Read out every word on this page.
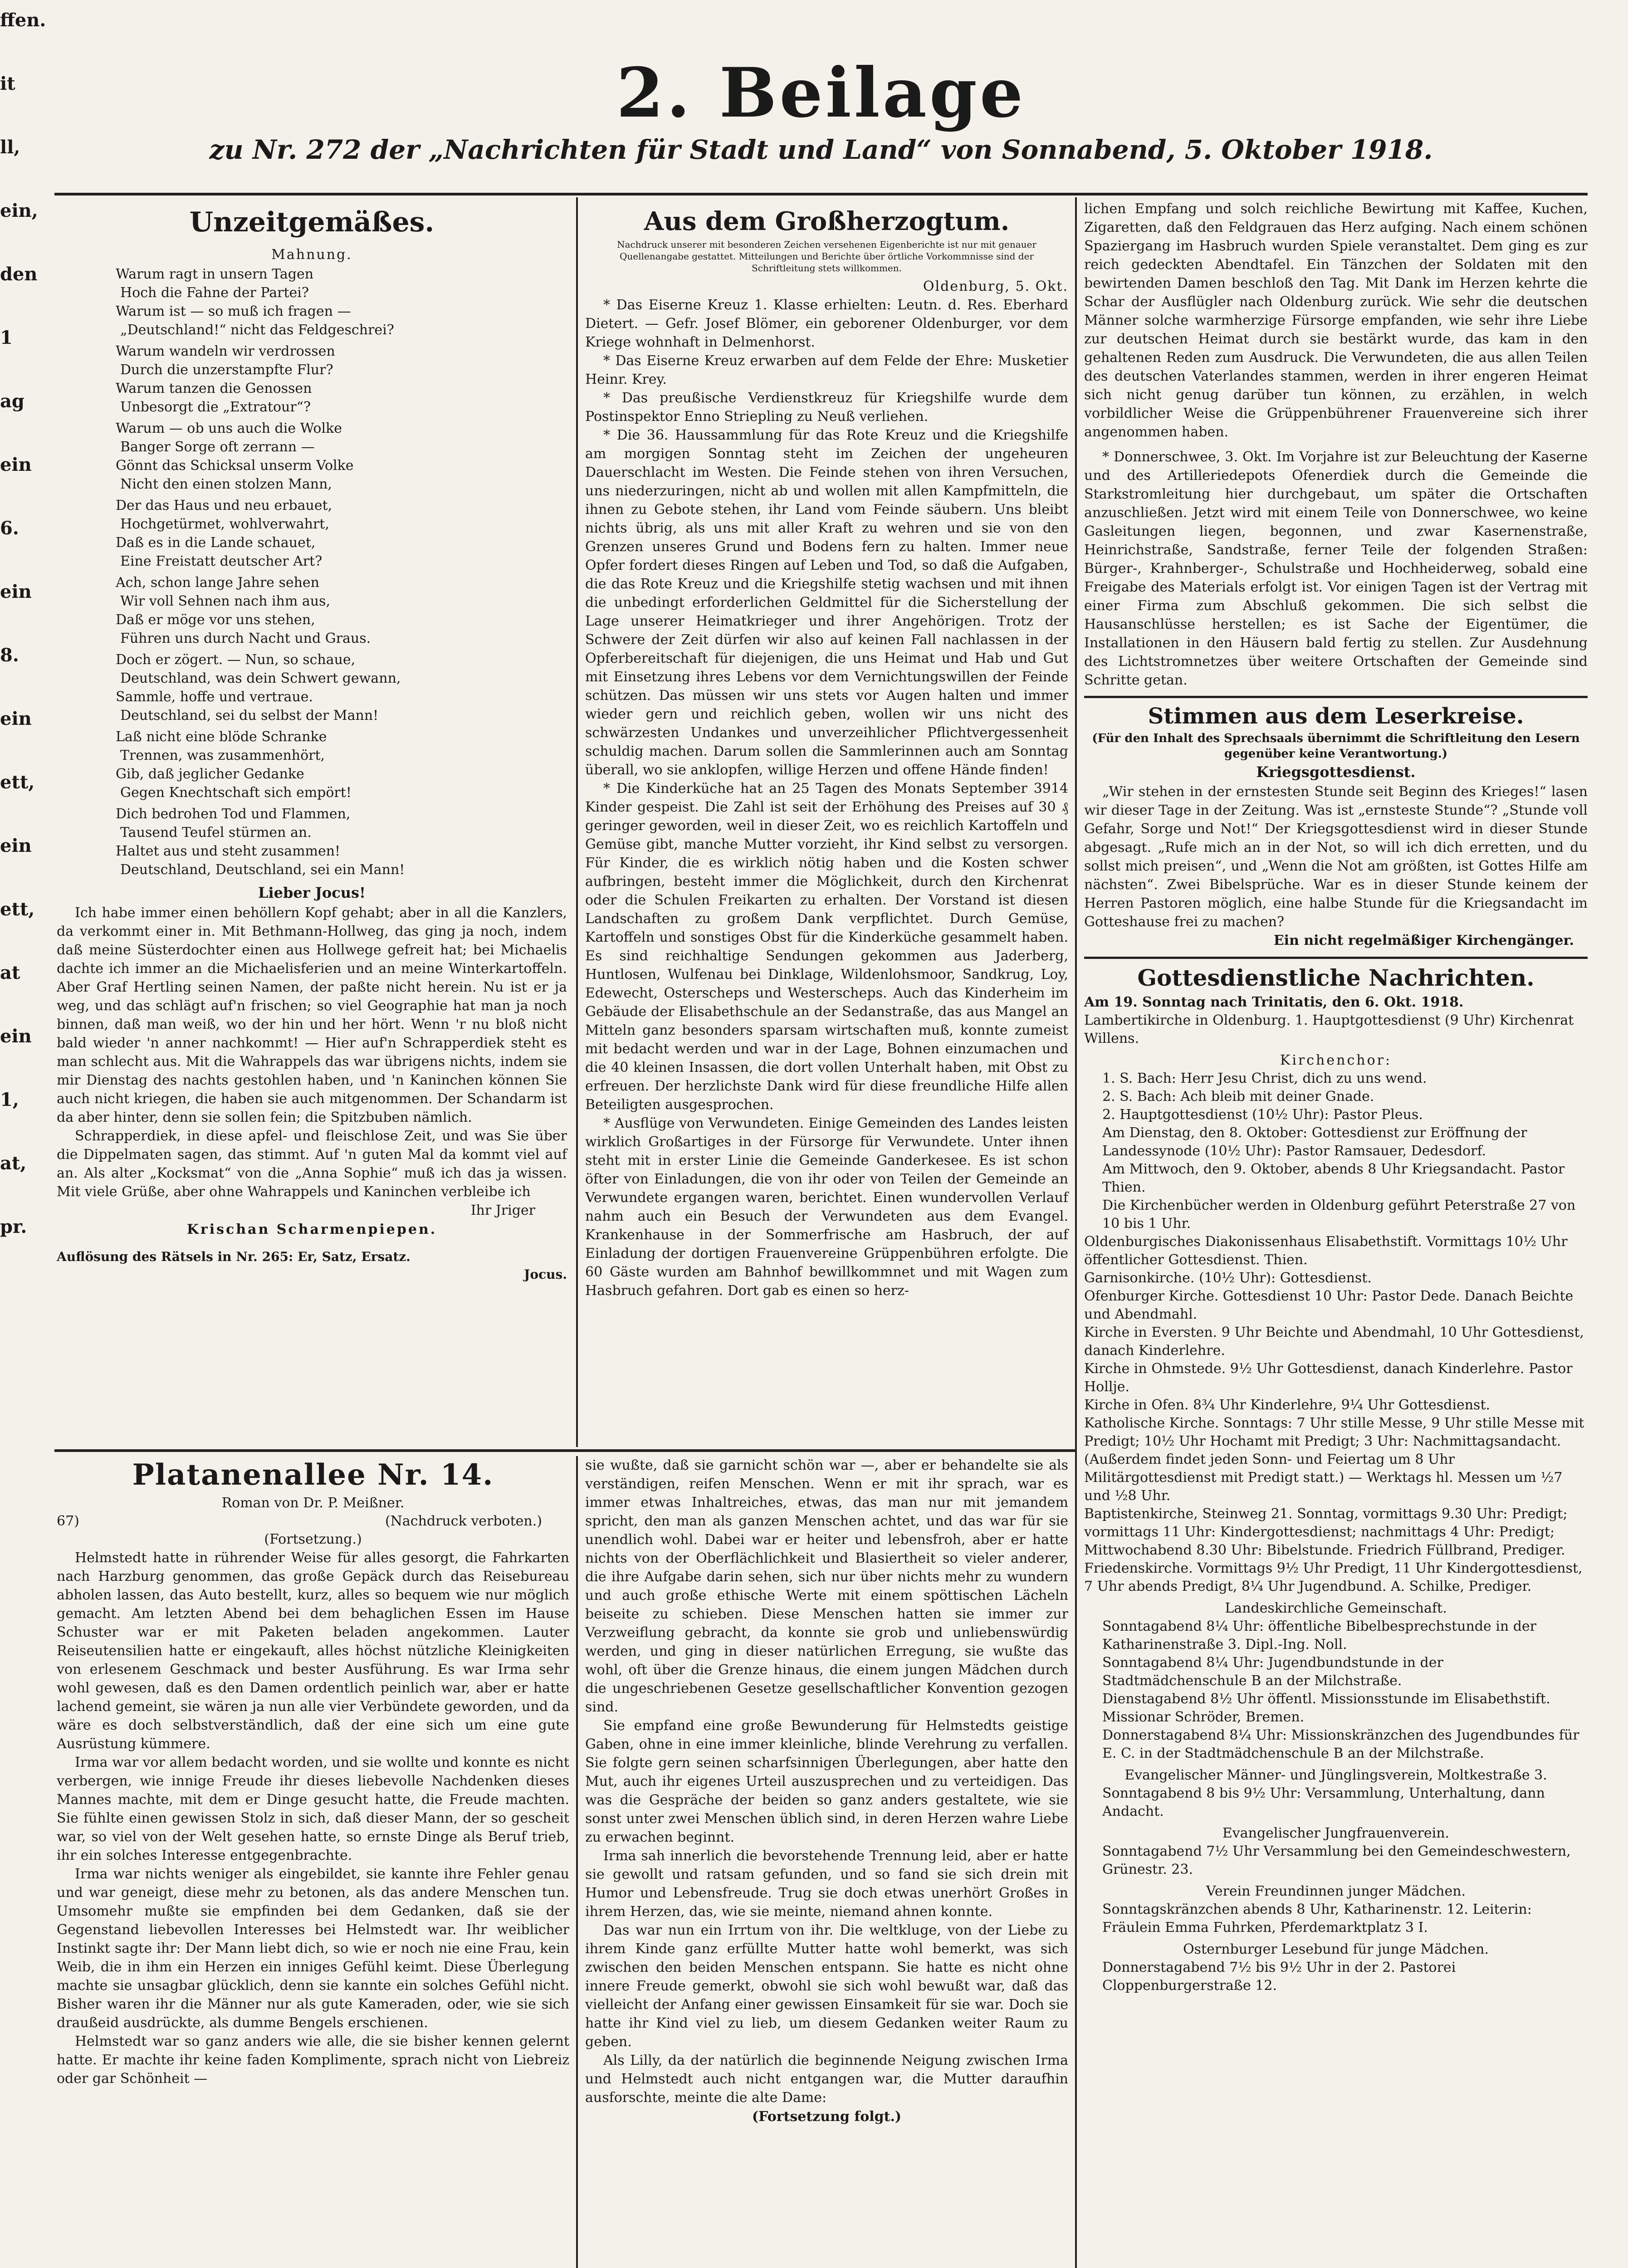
ffen.
it
ll,
ein,
den
1
ag
ein
6.
ein
8.
ein
ett,
ein
ett,
at
ein
1,
at,
pr.
2. Beilage
zu Nr. 272 der „Nachrichten für Stadt und Land“ von Sonnabend, 5. Oktober 1918.
Unzeitgemäßes.
Mahnung.
Warum ragt in unsern Tagen
Hoch die Fahne der Partei?
Warum ist — so muß ich fragen —
„Deutschland!“ nicht das Feldgeschrei?
Warum wandeln wir verdrossen
Durch die unzerstampfte Flur?
Warum tanzen die Genossen
Unbesorgt die „Extratour“?
Warum — ob uns auch die Wolke
Banger Sorge oft zerrann —
Gönnt das Schicksal unserm Volke
Nicht den einen stolzen Mann,
Der das Haus und neu erbauet,
Hochgetürmet, wohlverwahrt,
Daß es in die Lande schauet,
Eine Freistatt deutscher Art?
Ach, schon lange Jahre sehen
Wir voll Sehnen nach ihm aus,
Daß er möge vor uns stehen,
Führen uns durch Nacht und Graus.
Doch er zögert. — Nun, so schaue,
Deutschland, was dein Schwert gewann,
Sammle, hoffe und vertraue.
Deutschland, sei du selbst der Mann!
Laß nicht eine blöde Schranke
Trennen, was zusammenhört,
Gib, daß jeglicher Gedanke
Gegen Knechtschaft sich empört!
Dich bedrohen Tod und Flammen,
Tausend Teufel stürmen an.
Haltet aus und steht zusammen!
Deutschland, Deutschland, sei ein Mann!
Lieber Jocus!

Ich habe immer einen behöllern Kopf gehabt; aber in all die Kanzlers, da verkommt einer in. Mit Bethmann-Hollweg, das ging ja noch, indem daß meine Süsterdochter einen aus Hollwege gefreit hat; bei Michaelis dachte ich immer an die Michaelisferien und an meine Winterkartoffeln. Aber Graf Hertling seinen Namen, der paßte nicht herein. Nu ist er ja weg, und das schlägt auf'n frischen; so viel Geographie hat man ja noch binnen, daß man weiß, wo der hin und her hört. Wenn 'r nu bloß nicht bald wieder 'n anner nachkommt! — Hier auf'n Schrapperdiek steht es man schlecht aus. Mit die Wahrappels das war übrigens nichts, indem sie mir Dienstag des nachts gestohlen haben, und 'n Kaninchen können Sie auch nicht kriegen, die haben sie auch mitgenommen. Der Schandarm ist da aber hinter, denn sie sollen fein; die Spitzbuben nämlich.

Schrapperdiek, in diese apfel- und fleischlose Zeit, und was Sie über die Dippelmaten sagen, das stimmt. Auf 'n guten Mal da kommt viel auf an. Als alter „Kocksmat“ von die „Anna Sophie“ muß ich das ja wissen. Mit viele Grüße, aber ohne Wahrappels und Kaninchen verbleibe ich

Ihr Jriger
Krischan Scharmenpiepen.
Auflösung des Rätsels in Nr. 265: Er, Satz, Ersatz.
Jocus.
Aus dem Großherzogtum.
Nachdruck unserer mit besonderen Zeichen versehenen Eigenberichte ist nur mit genauer Quellenangabe gestattet. Mitteilungen und Berichte über örtliche Vorkommnisse sind der Schriftleitung stets willkommen.
Oldenburg, 5. Okt.

* Das Eiserne Kreuz 1. Klasse erhielten: Leutn. d. Res. Eberhard Dietert. — Gefr. Josef Blömer, ein geborener Oldenburger, vor dem Kriege wohnhaft in Delmenhorst.

* Das Eiserne Kreuz erwarben auf dem Felde der Ehre: Musketier Heinr. Krey.

* Das preußische Verdienstkreuz für Kriegshilfe wurde dem Postinspektor Enno Striepling zu Neuß verliehen.

* Die 36. Haussammlung für das Rote Kreuz und die Kriegshilfe am morgigen Sonntag steht im Zeichen der ungeheuren Dauerschlacht im Westen. Die Feinde stehen von ihren Versuchen, uns niederzuringen, nicht ab und wollen mit allen Kampfmitteln, die ihnen zu Gebote stehen, ihr Land vom Feinde säubern. Uns bleibt nichts übrig, als uns mit aller Kraft zu wehren und sie von den Grenzen unseres Grund und Bodens fern zu halten. Immer neue Opfer fordert dieses Ringen auf Leben und Tod, so daß die Aufgaben, die das Rote Kreuz und die Kriegshilfe stetig wachsen und mit ihnen die unbedingt erforderlichen Geldmittel für die Sicherstellung der Lage unserer Heimatkrieger und ihrer Angehörigen. Trotz der Schwere der Zeit dürfen wir also auf keinen Fall nachlassen in der Opferbereitschaft für diejenigen, die uns Heimat und Hab und Gut mit Einsetzung ihres Lebens vor dem Vernichtungswillen der Feinde schützen. Das müssen wir uns stets vor Augen halten und immer wieder gern und reichlich geben, wollen wir uns nicht des schwärzesten Undankes und unverzeihlicher Pflichtvergessenheit schuldig machen. Darum sollen die Sammlerinnen auch am Sonntag überall, wo sie anklopfen, willige Herzen und offene Hände finden!

* Die Kinderküche hat an 25 Tagen des Monats September 3914 Kinder gespeist. Die Zahl ist seit der Erhöhung des Preises auf 30 ₰ geringer geworden, weil in dieser Zeit, wo es reichlich Kartoffeln und Gemüse gibt, manche Mutter vorzieht, ihr Kind selbst zu versorgen. Für Kinder, die es wirklich nötig haben und die Kosten schwer aufbringen, besteht immer die Möglichkeit, durch den Kirchenrat oder die Schulen Freikarten zu erhalten. Der Vorstand ist diesen Landschaften zu großem Dank verpflichtet. Durch Gemüse, Kartoffeln und sonstiges Obst für die Kinderküche gesammelt haben. Es sind reichhaltige Sendungen gekommen aus Jaderberg, Huntlosen, Wulfenau bei Dinklage, Wildenlohsmoor, Sandkrug, Loy, Edewecht, Osterscheps und Westerscheps. Auch das Kinderheim im Gebäude der Elisabethschule an der Sedanstraße, das aus Mangel an Mitteln ganz besonders sparsam wirtschaften muß, konnte zumeist mit bedacht werden und war in der Lage, Bohnen einzumachen und die 40 kleinen Insassen, die dort vollen Unterhalt haben, mit Obst zu erfreuen. Der herzlichste Dank wird für diese freundliche Hilfe allen Beteiligten ausgesprochen.

* Ausflüge von Verwundeten. Einige Gemeinden des Landes leisten wirklich Großartiges in der Fürsorge für Verwundete. Unter ihnen steht mit in erster Linie die Gemeinde Ganderkesee. Es ist schon öfter von Einladungen, die von ihr oder von Teilen der Gemeinde an Verwundete ergangen waren, berichtet. Einen wundervollen Verlauf nahm auch ein Besuch der Verwundeten aus dem Evangel. Krankenhause in der Sommerfrische am Hasbruch, der auf Einladung der dortigen Frauenvereine Grüppenbühren erfolgte. Die 60 Gäste wurden am Bahnhof bewillkommnet und mit Wagen zum Hasbruch gefahren. Dort gab es einen so herz-

lichen Empfang und solch reichliche Bewirtung mit Kaffee, Kuchen, Zigaretten, daß den Feldgrauen das Herz aufging. Nach einem schönen Spaziergang im Hasbruch wurden Spiele veranstaltet. Dem ging es zur reich gedeckten Abendtafel. Ein Tänzchen der Soldaten mit den bewirtenden Damen beschloß den Tag. Mit Dank im Herzen kehrte die Schar der Ausflügler nach Oldenburg zurück. Wie sehr die deutschen Männer solche warmherzige Fürsorge empfanden, wie sehr ihre Liebe zur deutschen Heimat durch sie bestärkt wurde, das kam in den gehaltenen Reden zum Ausdruck. Die Verwundeten, die aus allen Teilen des deutschen Vaterlandes stammen, werden in ihrer engeren Heimat sich nicht genug darüber tun können, zu erzählen, in welch vorbildlicher Weise die Grüppenbührener Frauenvereine sich ihrer angenommen haben.

* Donnerschwee, 3. Okt. Im Vorjahre ist zur Beleuchtung der Kaserne und des Artilleriedepots Ofenerdiek durch die Gemeinde die Starkstromleitung hier durchgebaut, um später die Ortschaften anzuschließen. Jetzt wird mit einem Teile von Donnerschwee, wo keine Gasleitungen liegen, begonnen, und zwar Kasernenstraße, Heinrichstraße, Sandstraße, ferner Teile der folgenden Straßen: Bürger-, Krahnberger-, Schulstraße und Hochheiderweg, sobald eine Freigabe des Materials erfolgt ist. Vor einigen Tagen ist der Vertrag mit einer Firma zum Abschluß gekommen. Die sich selbst die Hausanschlüsse herstellen; es ist Sache der Eigentümer, die Installationen in den Häusern bald fertig zu stellen. Zur Ausdehnung des Lichtstromnetzes über weitere Ortschaften der Gemeinde sind Schritte getan.

Stimmen aus dem Leserkreise.
(Für den Inhalt des Sprechsaals übernimmt die Schriftleitung den Lesern gegenüber keine Verantwortung.)
Kriegsgottesdienst.

„Wir stehen in der ernstesten Stunde seit Beginn des Krieges!“ lasen wir dieser Tage in der Zeitung. Was ist „ernsteste Stunde“? „Stunde voll Gefahr, Sorge und Not!“ Der Kriegsgottesdienst wird in dieser Stunde abgesagt. „Rufe mich an in der Not, so will ich dich erretten, und du sollst mich preisen“, und „Wenn die Not am größten, ist Gottes Hilfe am nächsten“. Zwei Bibelsprüche. War es in dieser Stunde keinem der Herren Pastoren möglich, eine halbe Stunde für die Kriegsandacht im Gotteshause frei zu machen?

Ein nicht regelmäßiger Kirchengänger.
Gottesdienstliche Nachrichten.
Am 19. Sonntag nach Trinitatis, den 6. Okt. 1918.
Lambertikirche in Oldenburg. 1. Hauptgottesdienst (9 Uhr) Kirchenrat Willens.
Kirchenchor:
1. S. Bach: Herr Jesu Christ, dich zu uns wend.
2. S. Bach: Ach bleib mit deiner Gnade.
2. Hauptgottesdienst (10½ Uhr): Pastor Pleus.
Am Dienstag, den 8. Oktober: Gottesdienst zur Eröffnung der Landessynode (10½ Uhr): Pastor Ramsauer, Dedesdorf.
Am Mittwoch, den 9. Oktober, abends 8 Uhr Kriegsandacht. Pastor Thien.
Die Kirchenbücher werden in Oldenburg geführt Peterstraße 27 von 10 bis 1 Uhr.
Oldenburgisches Diakonissenhaus Elisabethstift. Vormittags 10½ Uhr öffentlicher Gottesdienst. Thien.
Garnisonkirche. (10½ Uhr): Gottesdienst.
Ofenburger Kirche. Gottesdienst 10 Uhr: Pastor Dede. Danach Beichte und Abendmahl.
Kirche in Eversten. 9 Uhr Beichte und Abendmahl, 10 Uhr Gottesdienst, danach Kinderlehre.
Kirche in Ohmstede. 9½ Uhr Gottesdienst, danach Kinderlehre. Pastor Hollje.
Kirche in Ofen. 8¾ Uhr Kinderlehre, 9¼ Uhr Gottesdienst.
Katholische Kirche. Sonntags: 7 Uhr stille Messe, 9 Uhr stille Messe mit Predigt; 10½ Uhr Hochamt mit Predigt; 3 Uhr: Nachmittagsandacht. (Außerdem findet jeden Sonn- und Feiertag um 8 Uhr Militärgottesdienst mit Predigt statt.) — Werktags hl. Messen um ½7 und ½8 Uhr.
Baptistenkirche, Steinweg 21. Sonntag, vormittags 9.30 Uhr: Predigt; vormittags 11 Uhr: Kindergottesdienst; nachmittags 4 Uhr: Predigt; Mittwochabend 8.30 Uhr: Bibelstunde. Friedrich Füllbrand, Prediger.
Friedenskirche. Vormittags 9½ Uhr Predigt, 11 Uhr Kindergottesdienst, 7 Uhr abends Predigt, 8¼ Uhr Jugendbund. A. Schilke, Prediger.
Landeskirchliche Gemeinschaft.
Sonntagabend 8¼ Uhr: öffentliche Bibelbesprechstunde in der Katharinenstraße 3. Dipl.-Ing. Noll.
Sonntagabend 8¼ Uhr: Jugendbundstunde in der Stadtmädchenschule B an der Milchstraße.
Dienstagabend 8½ Uhr öffentl. Missionsstunde im Elisabethstift. Missionar Schröder, Bremen.
Donnerstagabend 8¼ Uhr: Missionskränzchen des Jugendbundes für E. C. in der Stadtmädchenschule B an der Milchstraße.
Evangelischer Männer- und Jünglingsverein, Moltkestraße 3.
Sonntagabend 8 bis 9½ Uhr: Versammlung, Unterhaltung, dann Andacht.
Evangelischer Jungfrauenverein.
Sonntagabend 7½ Uhr Versammlung bei den Gemeindeschwestern, Grünestr. 23.
Verein Freundinnen junger Mädchen.
Sonntagskränzchen abends 8 Uhr, Katharinenstr. 12. Leiterin: Fräulein Emma Fuhrken, Pferdemarktplatz 3 I.
Osternburger Lesebund für junge Mädchen.
Donnerstagabend 7½ bis 9½ Uhr in der 2. Pastorei Cloppenburgerstraße 12.
Platanenallee Nr. 14.
Roman von Dr. P. Meißner.
67)	(Nachdruck verboten.)
(Fortsetzung.)

Helmstedt hatte in rührender Weise für alles gesorgt, die Fahrkarten nach Harzburg genommen, das große Gepäck durch das Reisebureau abholen lassen, das Auto bestellt, kurz, alles so bequem wie nur möglich gemacht. Am letzten Abend bei dem behaglichen Essen im Hause Schuster war er mit Paketen beladen angekommen. Lauter Reiseutensilien hatte er eingekauft, alles höchst nützliche Kleinigkeiten von erlesenem Geschmack und bester Ausführung. Es war Irma sehr wohl gewesen, daß es den Damen ordentlich peinlich war, aber er hatte lachend gemeint, sie wären ja nun alle vier Verbündete geworden, und da wäre es doch selbstverständlich, daß der eine sich um eine gute Ausrüstung kümmere.

Irma war vor allem bedacht worden, und sie wollte und konnte es nicht verbergen, wie innige Freude ihr dieses liebevolle Nachdenken dieses Mannes machte, mit dem er Dinge gesucht hatte, die Freude machten. Sie fühlte einen gewissen Stolz in sich, daß dieser Mann, der so gescheit war, so viel von der Welt gesehen hatte, so ernste Dinge als Beruf trieb, ihr ein solches Interesse entgegenbrachte.

Irma war nichts weniger als eingebildet, sie kannte ihre Fehler genau und war geneigt, diese mehr zu betonen, als das andere Menschen tun. Umsomehr mußte sie empfinden bei dem Gedanken, daß sie der Gegenstand liebevollen Interesses bei Helmstedt war. Ihr weiblicher Instinkt sagte ihr: Der Mann liebt dich, so wie er noch nie eine Frau, kein Weib, die in ihm ein Herzen ein inniges Gefühl keimt. Diese Überlegung machte sie unsagbar glücklich, denn sie kannte ein solches Gefühl nicht. Bisher waren ihr die Männer nur als gute Kameraden, oder, wie sie sich draußeid ausdrückte, als dumme Bengels erschienen.

Helmstedt war so ganz anders wie alle, die sie bisher kennen gelernt hatte. Er machte ihr keine faden Komplimente, sprach nicht von Liebreiz oder gar Schönheit —

sie wußte, daß sie garnicht schön war —, aber er behandelte sie als verständigen, reifen Menschen. Wenn er mit ihr sprach, war es immer etwas Inhaltreiches, etwas, das man nur mit jemandem spricht, den man als ganzen Menschen achtet, und das war für sie unendlich wohl. Dabei war er heiter und lebensfroh, aber er hatte nichts von der Oberflächlichkeit und Blasiertheit so vieler anderer, die ihre Aufgabe darin sehen, sich nur über nichts mehr zu wundern und auch große ethische Werte mit einem spöttischen Lächeln beiseite zu schieben. Diese Menschen hatten sie immer zur Verzweiflung gebracht, da konnte sie grob und unliebenswürdig werden, und ging in dieser natürlichen Erregung, sie wußte das wohl, oft über die Grenze hinaus, die einem jungen Mädchen durch die ungeschriebenen Gesetze gesellschaftlicher Konvention gezogen sind.

Sie empfand eine große Bewunderung für Helmstedts geistige Gaben, ohne in eine immer kleinliche, blinde Verehrung zu verfallen. Sie folgte gern seinen scharfsinnigen Überlegungen, aber hatte den Mut, auch ihr eigenes Urteil auszusprechen und zu verteidigen. Das was die Gespräche der beiden so ganz anders gestaltete, wie sie sonst unter zwei Menschen üblich sind, in deren Herzen wahre Liebe zu erwachen beginnt.

Irma sah innerlich die bevorstehende Trennung leid, aber er hatte sie gewollt und ratsam gefunden, und so fand sie sich drein mit Humor und Lebensfreude. Trug sie doch etwas unerhört Großes in ihrem Herzen, das, wie sie meinte, niemand ahnen konnte.

Das war nun ein Irrtum von ihr. Die weltkluge, von der Liebe zu ihrem Kinde ganz erfüllte Mutter hatte wohl bemerkt, was sich zwischen den beiden Menschen entspann. Sie hatte es nicht ohne innere Freude gemerkt, obwohl sie sich wohl bewußt war, daß das vielleicht der Anfang einer gewissen Einsamkeit für sie war. Doch sie hatte ihr Kind viel zu lieb, um diesem Gedanken weiter Raum zu geben.

Als Lilly, da der natürlich die beginnende Neigung zwischen Irma und Helmstedt auch nicht entgangen war, die Mutter daraufhin ausforschte, meinte die alte Dame:

(Fortsetzung folgt.)
